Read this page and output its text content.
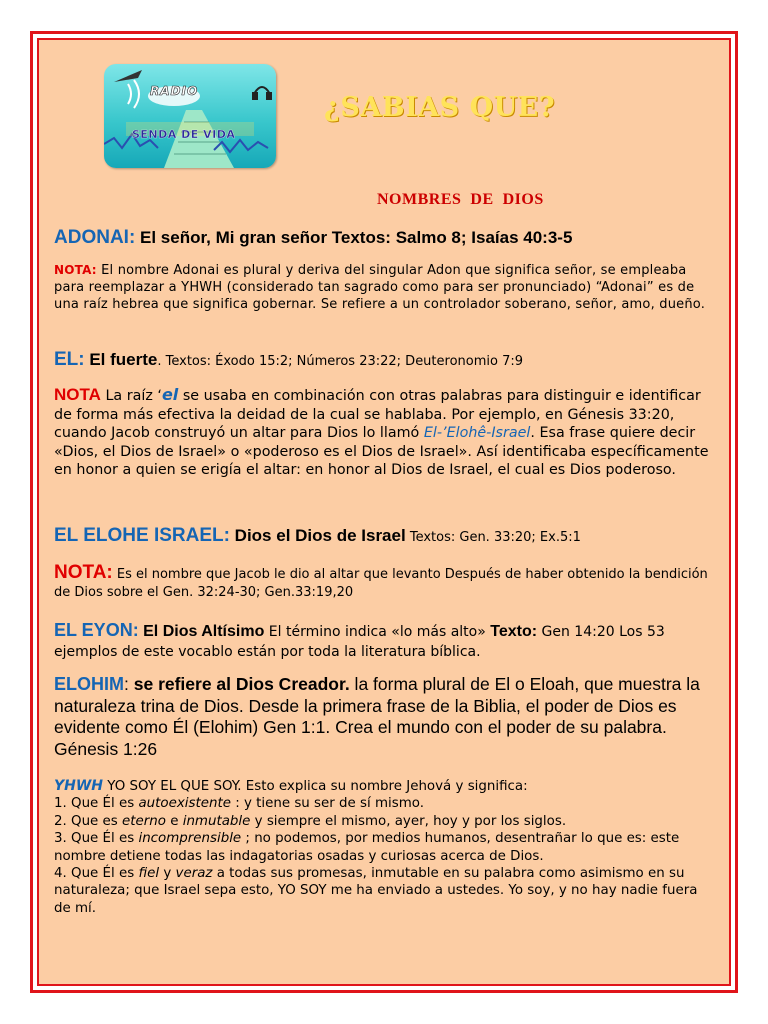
RADIO
SENDA DE VIDA
¿SABIAS QUE?
NOMBRES  DE  DIOS
ADONAI: El señor, Mi gran señor Textos: Salmo 8; Isaías 40:3-5
NOTA: El nombre Adonai es plural y deriva del singular Adon que significa señor, se empleaba para reemplazar a YHWH (considerado tan sagrado como para ser pronunciado) “Adonai” es de una raíz hebrea que significa gobernar. Se refiere a un controlador soberano, señor, amo, dueño.
EL: El fuerte. Textos: Éxodo 15:2; Números 23:22; Deuteronomio 7:9
NOTA La raíz ‘el se usaba en combinación con otras palabras para distinguir e identificar de forma más efectiva la deidad de la cual se hablaba. Por ejemplo, en Génesis 33:20, cuando Jacob construyó un altar para Dios lo llamó El-’Elohê-Israel. Esa frase quiere decir «Dios, el Dios de Israel» o «poderoso es el Dios de Israel». Así identificaba específicamente en honor a quien se erigía el altar: en honor al Dios de Israel, el cual es Dios poderoso.
EL ELOHE ISRAEL: Dios el Dios de Israel Textos: Gen. 33:20; Ex.5:1
NOTA: Es el nombre que Jacob le dio al altar que levanto Después de haber obtenido la bendición de Dios sobre el Gen. 32:24-30; Gen.33:19,20
EL EYON: El Dios Altísimo El término indica «lo más alto» Texto: Gen 14:20 Los 53 ejemplos de este vocablo están por toda la literatura bíblica.
ELOHIM: se refiere al Dios Creador. la forma plural de El o Eloah, que muestra la naturaleza trina de Dios. Desde la primera frase de la Biblia, el poder de Dios es evidente como Él (Elohim) Gen 1:1. Crea el mundo con el poder de su palabra. Génesis 1:26

YHWH YO SOY EL QUE SOY. Esto explica su nombre Jehová y significa:

1. Que Él es autoexistente : y tiene su ser de sí mismo.

2. Que es eterno e inmutable y siempre el mismo, ayer, hoy y por los siglos.

3. Que Él es incomprensible ; no podemos, por medios humanos, desentrañar lo que es: este nombre detiene todas las indagatorias osadas y curiosas acerca de Dios.

4. Que Él es fiel y veraz a todas sus promesas, inmutable en su palabra como asimismo en su naturaleza; que Israel sepa esto, YO SOY me ha enviado a ustedes. Yo soy, y no hay nadie fuera de mí.
